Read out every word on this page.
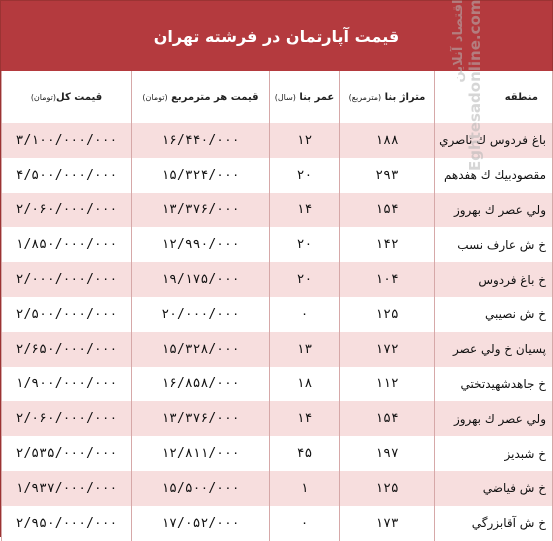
قیمت آپارتمان در فرشته تهران
منطقه	متراژ بنا (مترمربع)	عمر بنا (سال)	قیمت هر مترمربع (تومان)	قیمت کل(تومان)
باغ فردوس ك ناصري	۱۸۸	۱۲	۱۶/۴۴۰/۰۰۰	۳/۱۰۰/۰۰۰/۰۰۰
مقصودبيك ك هفدهم	۲۹۳	۲۰	۱۵/۳۲۴/۰۰۰	۴/۵۰۰/۰۰۰/۰۰۰
ولي عصر ك بهروز	۱۵۴	۱۴	۱۳/۳۷۶/۰۰۰	۲/۰۶۰/۰۰۰/۰۰۰
خ ش عارف نسب	۱۴۲	۲۰	۱۲/۹۹۰/۰۰۰	۱/۸۵۰/۰۰۰/۰۰۰
خ باغ فردوس	۱۰۴	۲۰	۱۹/۱۷۵/۰۰۰	۲/۰۰۰/۰۰۰/۰۰۰
خ ش نصيبي	۱۲۵	۰	۲۰/۰۰۰/۰۰۰	۲/۵۰۰/۰۰۰/۰۰۰
پسيان خ ولي عصر	۱۷۲	۱۳	۱۵/۳۲۸/۰۰۰	۲/۶۵۰/۰۰۰/۰۰۰
خ جاهدشهيدتختي	۱۱۲	۱۸	۱۶/۸۵۸/۰۰۰	۱/۹۰۰/۰۰۰/۰۰۰
ولي عصر ك بهروز	۱۵۴	۱۴	۱۳/۳۷۶/۰۰۰	۲/۰۶۰/۰۰۰/۰۰۰
خ شبديز	۱۹۷	۴۵	۱۲/۸۱۱/۰۰۰	۲/۵۳۵/۰۰۰/۰۰۰
خ ش فياضي	۱۲۵	۱	۱۵/۵۰۰/۰۰۰	۱/۹۳۷/۰۰۰/۰۰۰
خ ش آقابزرگي	۱۷۳	۰	۱۷/۰۵۲/۰۰۰	۲/۹۵۰/۰۰۰/۰۰۰
اقتصاد آنلاین Eghtesadonline.com
